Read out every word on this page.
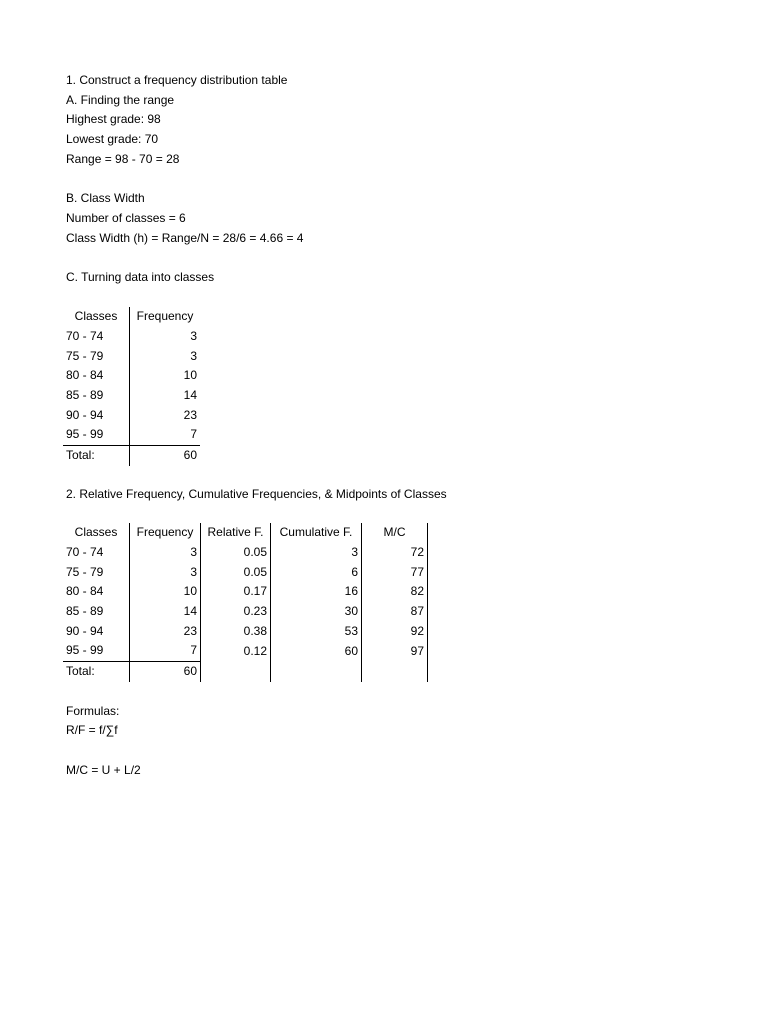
1. Construct a frequency distribution table
A. Finding the range
Highest grade: 98
Lowest grade: 70
Range = 98 - 70 = 28
B. Class Width
Number of classes = 6
Class Width (h) = Range/N = 28/6 = 4.66 = 4
C. Turning data into classes
Classes	Frequency
70 - 74	3
75 - 79	3
80 - 84	10
85 - 89	14
90 - 94	23
95 - 99	7
Total:	60
2. Relative Frequency, Cumulative Frequencies, & Midpoints of Classes
Classes	Frequency	Relative F.	Cumulative F.	M/C
70 - 74	3	0.05	3	72
75 - 79	3	0.05	6	77
80 - 84	10	0.17	16	82
85 - 89	14	0.23	30	87
90 - 94	23	0.38	53	92
95 - 99	7	0.12	60	97
Total:	60			
Formulas:
R/F = f/∑f
M/C = U + L/2
